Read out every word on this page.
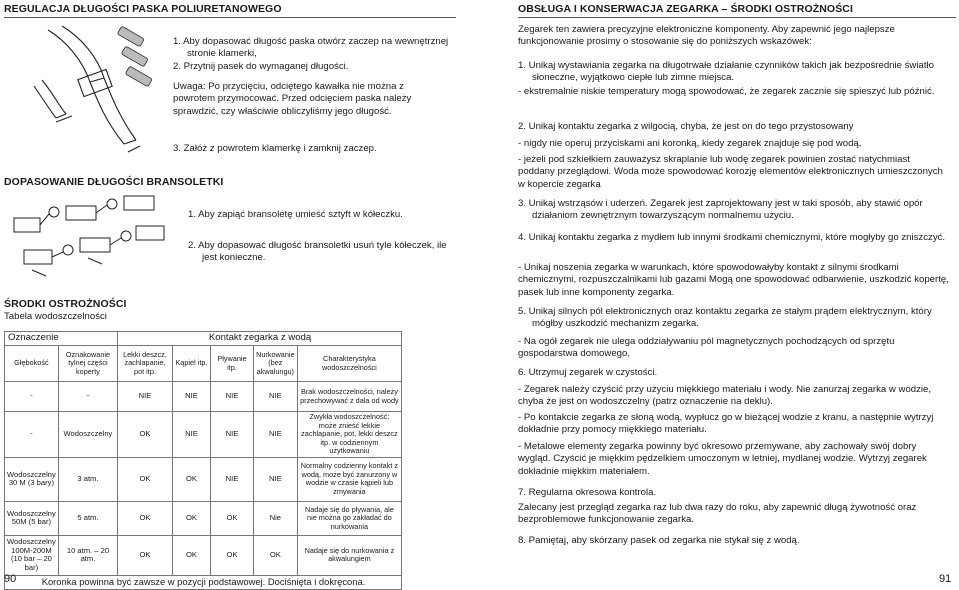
REGULACJA DŁUGOŚCI PASKA POLIURETANOWEGO
1. Aby dopasować długość paska otwórz zaczep na wewnętrznej stronie klamerki,
2. Przytnij pasek do wymaganej długości.
Uwaga: Po przycięciu, odciętego kawałka nie można z powrotem przymocować. Przed odcięciem paska należy sprawdzić, czy właściwie obliczyliśmy jego długość.
3. Załóż z powrotem klamerkę i zamknij zaczep.
DOPASOWANIE DŁUGOŚCI BRANSOLETKI
1. Aby zapiąć bransoletę umieść sztyft w kółeczku.
2. Aby dopasować długość bransoletki usuń tyle kółeczek, ile jest konieczne.
ŚRODKI OSTROŻNOŚCI
Tabela wodoszczelności
Oznaczenie		Kontakt zegarka z wodą				
Głębokość	Oznakowanie tylnej części koperty	Lekki deszcz, zachlapanie, pot itp.	Kąpiel itp.	Pływanie itp.	Nurkowanie (bez akwalungu)	Charakterystyka wodoszczelności
-	-	NIE	NIE	NIE	NIE	Brak wodoszczelności, należy przechowywać z dala od wody
-	Wodoszczelny	OK	NIE	NIE	NIE	Zwykła wodoszczelność: może znieść lekkie zachlapanie, pot, lekki deszcz itp. w codziennym użytkowaniu
Wodoszczelny 30 M (3 bary)	3 atm.	OK	OK	NIE	NIE	Normalny codzienny kontakt z wodą, może być zanurzony w wodzie w czasie kąpieli lub zmywania
Wodoszczelny 50M (5 bar)	5 atm.	OK	OK	OK	Nie	Nadaje się do pływania, ale nie można go zakładać do nurkowania
Wodoszczelny 100M-200M (10 bar – 20 bar)	10 atm. – 20 atm.	OK	OK	OK	OK	Nadaje się do nurkowania z akwalungiem
Koronka powinna być zawsze w pozycji podstawowej. Dociśnięta i dokręcona.						
90
OBSŁUGA I KONSERWACJA ZEGARKA – ŚRODKI OSTROŻNOŚCI
Zegarek ten zawiera precyzyjne elektroniczne komponenty. Aby zapewnić jego najlepsze funkcjonowanie prosimy o stosowanie się do poniższych wskazówek:
1. Unikaj wystawiania zegarka na długotrwałe działanie czynników takich jak bezpośrednie światło słoneczne, wyjątkowo ciepłe lub zimne miejsca.
- ekstremalnie niskie temperatury mogą spowodować, że zegarek zacznie się spieszyć lub późnić.
2. Unikaj kontaktu zegarka z wilgocią, chyba, że jest on do tego przystosowany
- nigdy nie operuj przyciskami ani koronką, kiedy zegarek znajduje się pod wodą,
- jeżeli pod szkiełkiem zauważysz skraplanie lub wodę zegarek powinien zostać natychmiast poddany przeglądowi. Woda może spowodować korozję elementów elektronicznych umieszczonych w kopercie zegarka
3. Unikaj wstrząsów i uderzeń. Zegarek jest zaprojektowany jest w taki sposób, aby stawić opór działaniom zewnętrznym towarzyszącym normalnemu użyciu.
4. Unikaj kontaktu zegarka z mydłem lub innymi środkami chemicznymi, które mogłyby go zniszczyć.
- Unikaj noszenia zegarka w warunkach, które spowodowałyby kontakt z silnymi środkami chemicznymi, rozpuszczalnikami lub gazami Mogą one spowodować odbarwienie, uszkodzić kopertę, pasek lub inne komponenty zegarka.
5. Unikaj silnych pól elektronicznych oraz kontaktu zegarka ze stałym prądem elektrycznym, który mógłby uszkodzić mechanizm zegarka.
- Na ogół zegarek nie ulega oddziaływaniu pól magnetycznych pochodzących od sprzętu gospodarstwa domowego,
6. Utrzymuj zegarek w czystości.
- Zegarek należy czyścić przy użyciu miękkiego materiału i wody. Nie zanurzaj zegarka w wodzie, chyba że jest on wodoszczelny (patrz oznaczenie na deklu).
- Po kontakcie zegarka ze słoną wodą, wypłucz go w bieżącej wodzie z kranu, a następnie wytrzyj dokładnie przy pomocy miękkiego materiału.
- Metalowe elementy zegarka powinny być okresowo przemywane, aby zachowały swój dobry wygląd. Czyścić je miękkim pędzelkiem umoczonym w letniej, mydlanej wodzie. Wytrzyj zegarek dokładnie miękkim materiałem.
7. Regularna okresowa kontrola.
Zalecany jest przegląd zegarka raz lub dwa razy do roku, aby zapewnić długą żywotność oraz bezproblemowe funkcjonowanie zegarka.
8. Pamiętaj, aby skórzany pasek od zegarka nie stykał się z wodą.
91
